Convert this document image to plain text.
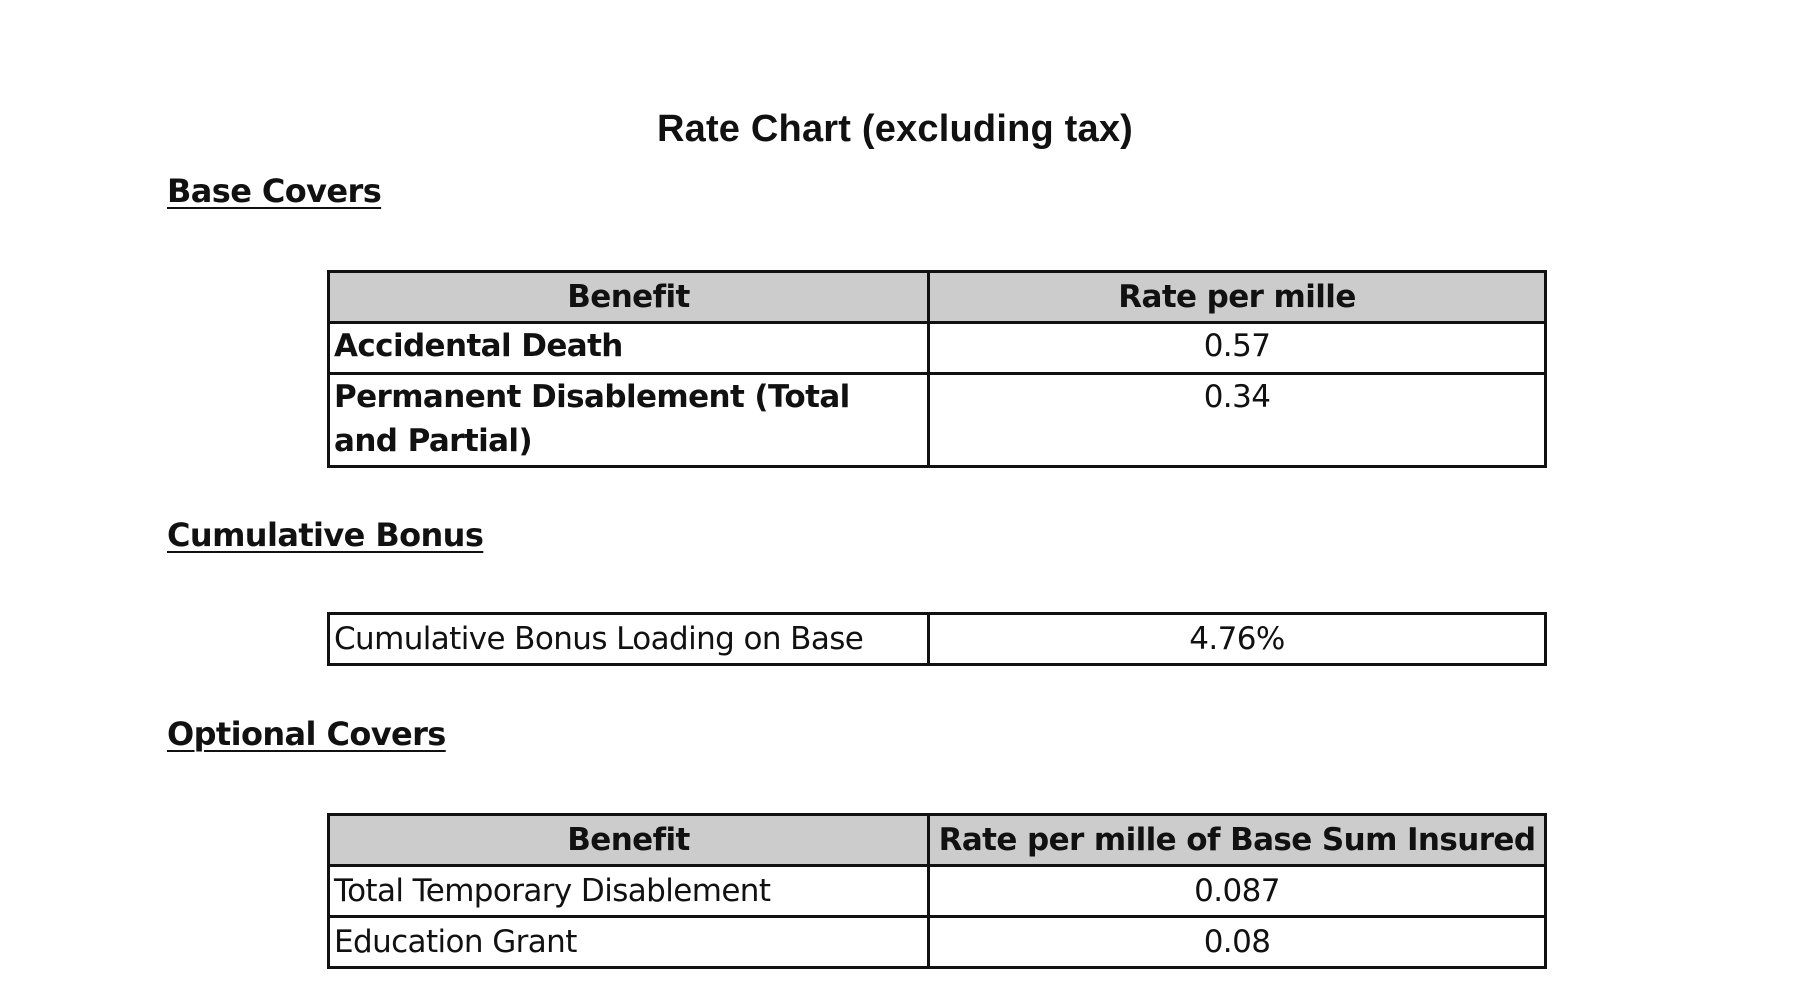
Rate Chart (excluding tax)
Base Covers
Benefit	Rate per mille
Accidental Death	0.57
Permanent Disablement (Total and Partial)	0.34
Cumulative Bonus
Cumulative Bonus Loading on Base	4.76%
Optional Covers
Benefit	Rate per mille of Base Sum Insured
Total Temporary Disablement	0.087
Education Grant	0.08
